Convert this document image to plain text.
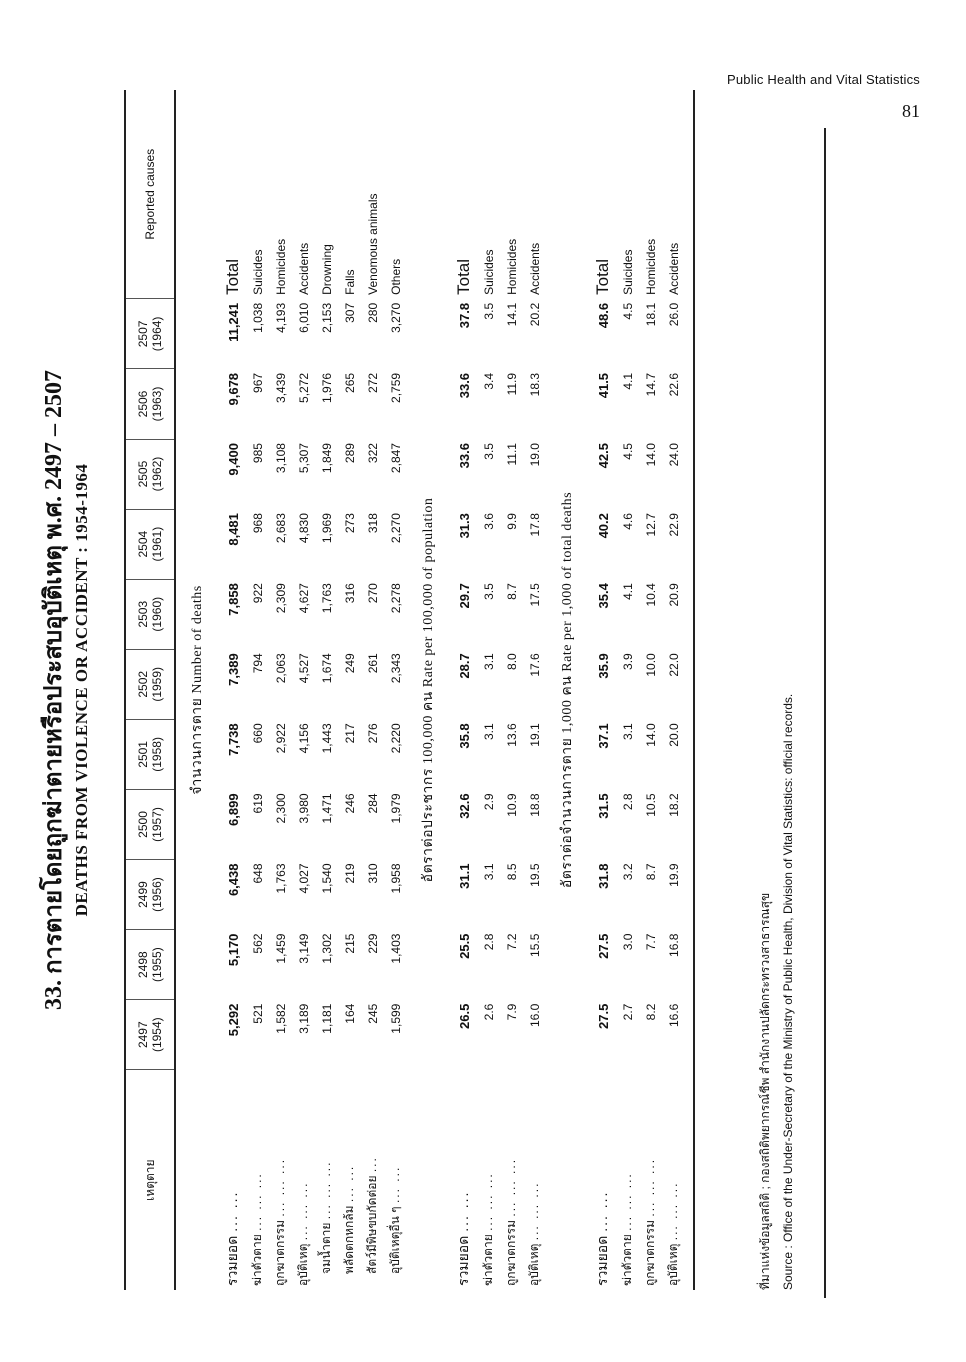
Public Health and Vital Statistics
81
33. การตายโดยถูกฆ่าตายหรือประสบอุบัติเหตุ พ.ศ. 2497 – 2507 DEATHS FROM VIOLENCE OR ACCIDENT : 1954-1964
เหตุตาย	2497 (1954)	2498 (1955)	2499 (1956)	2500 (1957)	2501 (1958)	2502 (1959)	2503 (1960)	2504 (1961)	2505 (1962)	2506 (1963)	2507 (1964)	Reported causes
จำนวนการตาย Number of deaths												
รวมยอด ... ...	5,292	5,170	6,438	6,899	7,738	7,389	7,858	8,481	9,400	9,678	11,241	Total
ฆ่าตัวตาย ... ... ...	521	562	648	619	660	794	922	968	985	967	1,038	Suicides
ถูกฆาตกรรม ... ... ...	1,582	1,459	1,763	2,300	2,922	2,063	2,309	2,683	3,108	3,439	4,193	Homicides
อุบัติเหตุ ... ... ...	3,189	3,149	4,027	3,980	4,156	4,527	4,627	4,830	5,307	5,272	6,010	Accidents
จมน้ำตาย ... ... ...	1,181	1,302	1,540	1,471	1,443	1,674	1,763	1,969	1,849	1,976	2,153	Drowning
พลัดตกหกล้ม ... ...	164	215	219	246	217	249	316	273	289	265	307	Falls
สัตว์มีพิษขบกัดต่อย ...	245	229	310	284	276	261	270	318	322	272	280	Venomous animals
อุบัติเหตุอื่น ๆ ... ...	1,599	1,403	1,958	1,979	2,220	2,343	2,278	2,270	2,847	2,759	3,270	Others
อัตราต่อประชากร 100,000 คน Rate per 100,000 of population												
รวมยอด ... ...	26.5	25.5	31.1	32.6	35.8	28.7	29.7	31.3	33.6	33.6	37.8	Total
ฆ่าตัวตาย ... ... ...	2.6	2.8	3.1	2.9	3.1	3.1	3.5	3.6	3.5	3.4	3.5	Suicides
ถูกฆาตกรรม ... ... ...	7.9	7.2	8.5	10.9	13.6	8.0	8.7	9.9	11.1	11.9	14.1	Homicides
อุบัติเหตุ ... ... ...	16.0	15.5	19.5	18.8	19.1	17.6	17.5	17.8	19.0	18.3	20.2	Accidents
อัตราต่อจำนวนการตาย 1,000 คน Rate per 1,000 of total deaths												
รวมยอด ... ...	27.5	27.5	31.8	31.5	37.1	35.9	35.4	40.2	42.5	41.5	48.6	Total
ฆ่าตัวตาย ... ... ...	2.7	3.0	3.2	2.8	3.1	3.9	4.1	4.6	4.5	4.1	4.5	Suicides
ถูกฆาตกรรม ... ... ...	8.2	7.7	8.7	10.5	14.0	10.0	10.4	12.7	14.0	14.7	18.1	Homicides
อุบัติเหตุ ... ... ...	16.6	16.8	19.9	18.2	20.0	22.0	20.9	22.9	24.0	22.6	26.0	Accidents
ที่มาแห่งข้อมูลสถิติ ; กองสถิติพยากรณ์ชีพ สำนักงานปลัดกระทรวงสาธารณสุข Source : Office of the Under-Secretary of the Ministry of Public Health, Division of Vital Statistics: official records.
